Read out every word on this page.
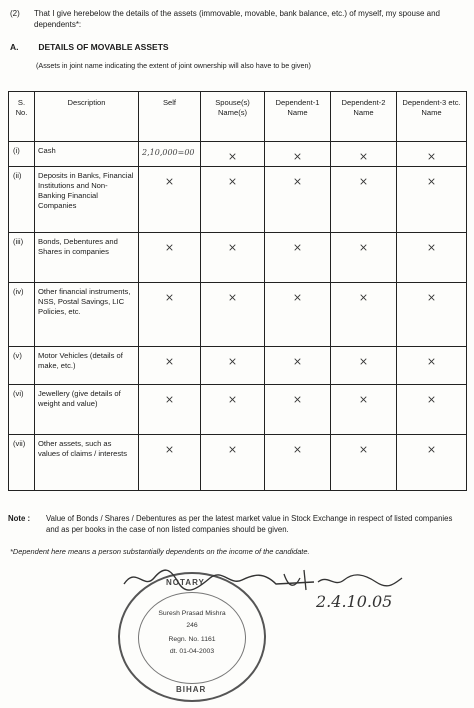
(2) That I give herebelow the details of the assets (immovable, movable, bank balance, etc.) of myself, my spouse and dependents*:
A. DETAILS OF MOVABLE ASSETS
(Assets in joint name indicating the extent of joint ownership will also have to be given)
S. No.	Description	Self	Spouse(s) Name(s)	Dependent-1 Name	Dependent-2 Name	Dependent-3 etc. Name
(i)	Cash	2,10,000=00	×	×	×	×
(ii)	Deposits in Banks, Financial Institutions and Non-Banking Financial Companies	×	×	×	×	×
(iii)	Bonds, Debentures and Shares in companies	×	×	×	×	×
(iv)	Other financial instruments, NSS, Postal Savings, LIC Policies, etc.	×	×	×	×	×
(v)	Motor Vehicles (details of make, etc.)	×	×	×	×	×
(vi)	Jewellery (give details of weight and value)	×	×	×	×	×
(vii)	Other assets, such as values of claims / interests	×	×	×	×	×
Note : Value of Bonds / Shares / Debentures as per the latest market value in Stock Exchange in respect of listed companies and as per books in the case of non listed companies should be given.
*Dependent here means a person substantially dependents on the income of the candidate.
NOTARY
Suresh Prasad Mishra
246
Regn. No. 1161
dt. 01-04-2003
BIHAR
2.4.10.05
